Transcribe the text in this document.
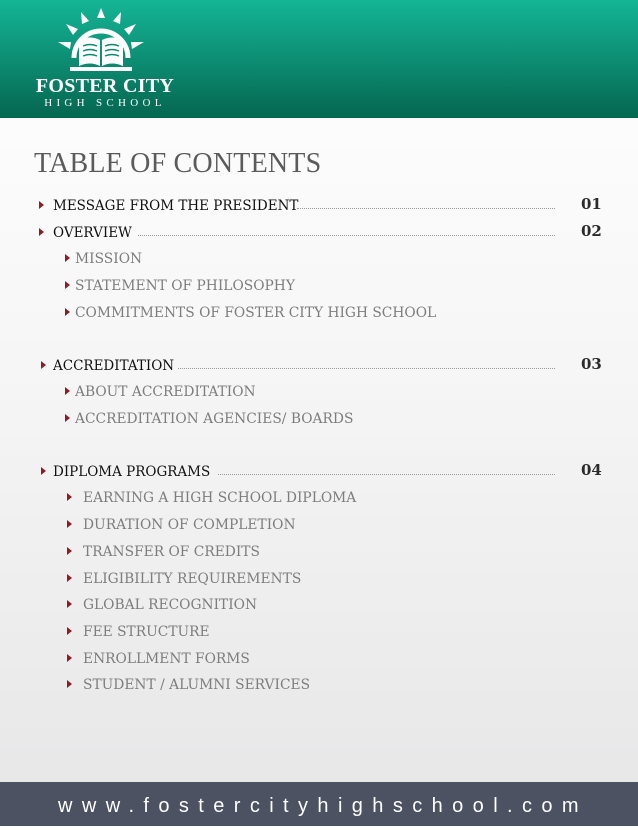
FOSTER CITY
HIGH SCHOOL
TABLE OF CONTENTS
MESSAGE FROM THE PRESIDENT	01
OVERVIEW	02
MISSION
STATEMENT OF PHILOSOPHY
COMMITMENTS OF FOSTER CITY HIGH SCHOOL
ACCREDITATION	03
ABOUT ACCREDITATION
ACCREDITATION AGENCIES/ BOARDS
DIPLOMA PROGRAMS	04
EARNING A HIGH SCHOOL DIPLOMA
DURATION OF COMPLETION
TRANSFER OF CREDITS
ELIGIBILITY REQUIREMENTS
GLOBAL RECOGNITION
FEE STRUCTURE
ENROLLMENT FORMS
STUDENT / ALUMNI SERVICES
www.fostercityhighschool.com
